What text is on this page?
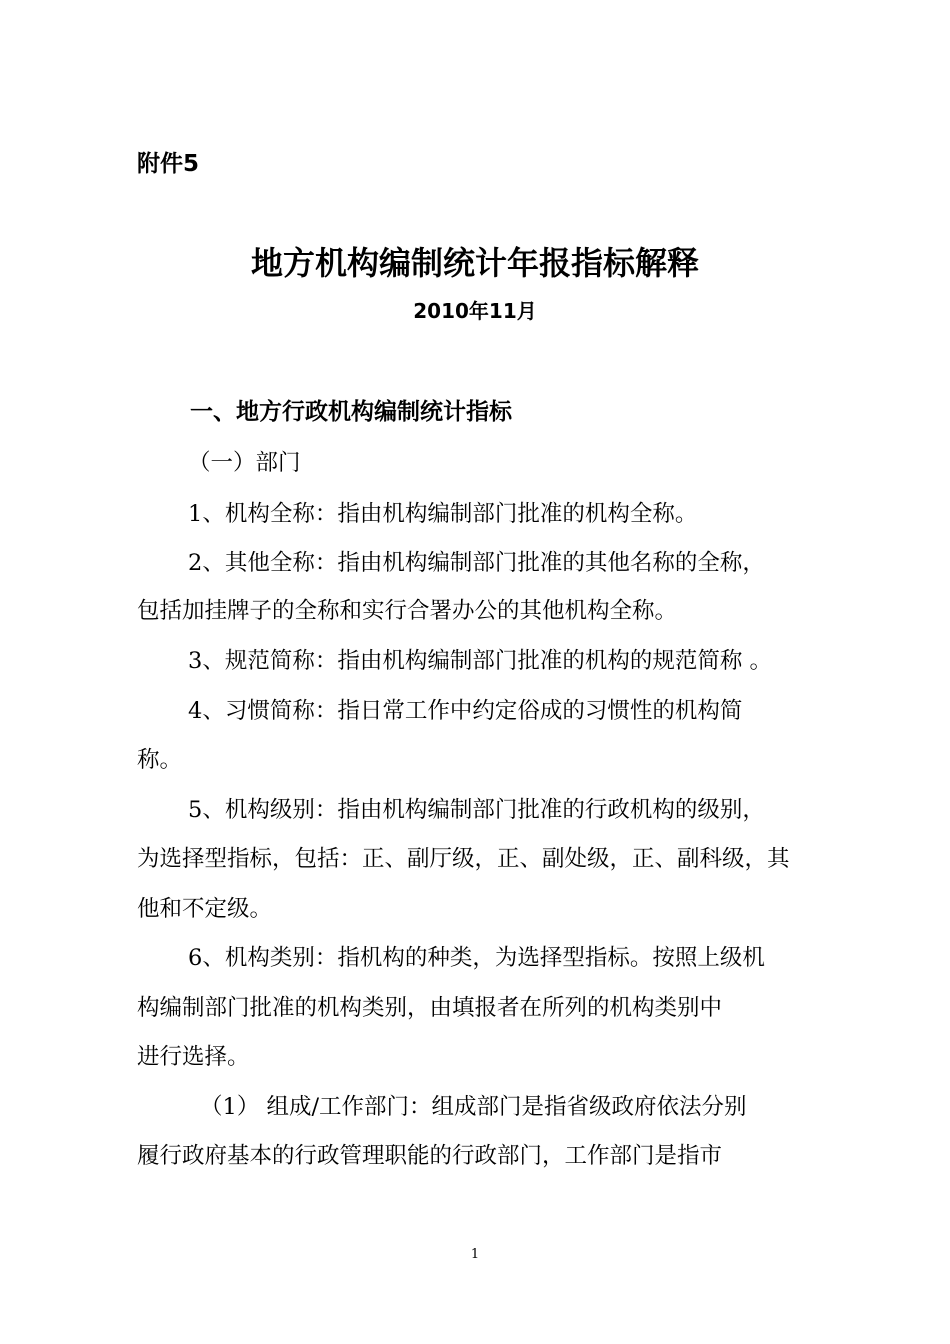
附件5
地方机构编制统计年报指标解释
2010年11月
一、地方行政机构编制统计指标
（一）部门
1、机构全称：指由机构编制部门批准的机构全称。
2、其他全称：指由机构编制部门批准的其他名称的全称，
包括加挂牌子的全称和实行合署办公的其他机构全称。
3、规范简称：指由机构编制部门批准的机构的规范简称 。
4、习惯简称：指日常工作中约定俗成的习惯性的机构简
称。
5、机构级别：指由机构编制部门批准的行政机构的级别，
为选择型指标，包括：正、副厅级，正、副处级，正、副科级，其
他和不定级。
6、机构类别：指机构的种类，为选择型指标。按照上级机
构编制部门批准的机构类别，由填报者在所列的机构类别中
进行选择。
（1） 组成/工作部门：组成部门是指省级政府依法分别
履行政府基本的行政管理职能的行政部门，工作部门是指市
1
